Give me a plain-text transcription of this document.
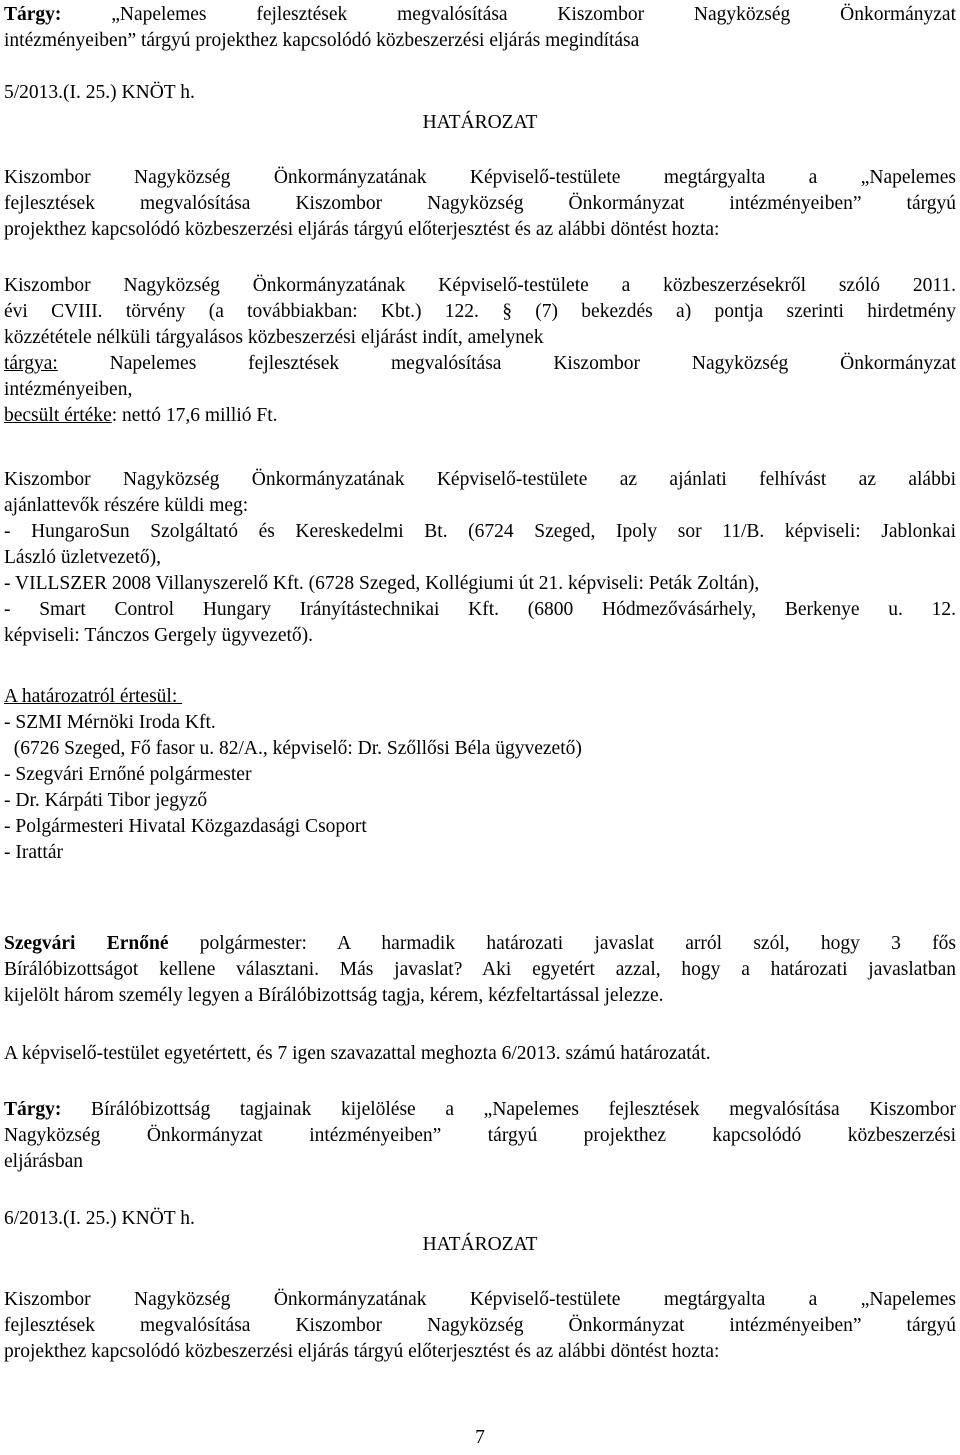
Tárgy:	„Napelemes fejlesztések megvalósítása Kiszombor Nagyközség Önkormányzat
intézményeiben” tárgyú projekthez kapcsolódó közbeszerzési eljárás megindítása
5/2013.(I. 25.) KNÖT h.
HATÁROZAT
Kiszombor Nagyközség Önkormányzatának Képviselő-testülete megtárgyalta a „Napelemes
fejlesztések megvalósítása Kiszombor Nagyközség Önkormányzat intézményeiben” tárgyú
projekthez kapcsolódó közbeszerzési eljárás tárgyú előterjesztést és az alábbi döntést hozta:
Kiszombor Nagyközség Önkormányzatának Képviselő-testülete a közbeszerzésekről szóló 2011.
évi CVIII. törvény (a továbbiakban: Kbt.) 122. § (7) bekezdés a) pontja szerinti hirdetmény
közzététele nélküli tárgyalásos közbeszerzési eljárást indít, amelynek
tárgya: Napelemes fejlesztések megvalósítása Kiszombor Nagyközség Önkormányzat
intézményeiben,
becsült értéke: nettó 17,6 millió Ft.
Kiszombor Nagyközség Önkormányzatának Képviselő-testülete az ajánlati felhívást az alábbi
ajánlattevők részére küldi meg:
- HungaroSun Szolgáltató és Kereskedelmi Bt. (6724 Szeged, Ipoly sor 11/B. képviseli: Jablonkai
László üzletvezető),
- VILLSZER 2008 Villanyszerelő Kft. (6728 Szeged, Kollégiumi út 21. képviseli: Peták Zoltán),
- Smart Control Hungary Irányítástechnikai Kft. (6800 Hódmezővásárhely, Berkenye u. 12.
képviseli: Tánczos Gergely ügyvezető).
A határozatról értesül:
- SZMI Mérnöki Iroda Kft.
(6726 Szeged, Fő fasor u. 82/A., képviselő: Dr. Szőllősi Béla ügyvezető)
- Szegvári Ernőné polgármester
- Dr. Kárpáti Tibor jegyző
- Polgármesteri Hivatal Közgazdasági Csoport
- Irattár
Szegvári Ernőné polgármester: A harmadik határozati javaslat arról szól, hogy 3 fős
Bírálóbizottságot kellene választani. Más javaslat? Aki egyetért azzal, hogy a határozati javaslatban
kijelölt három személy legyen a Bírálóbizottság tagja, kérem, kézfeltartással jelezze.
A képviselő-testület egyetértett, és 7 igen szavazattal meghozta 6/2013. számú határozatát.
Tárgy: Bírálóbizottság tagjainak kijelölése a „Napelemes fejlesztések megvalósítása Kiszombor
Nagyközség Önkormányzat intézményeiben” tárgyú projekthez kapcsolódó közbeszerzési
eljárásban
6/2013.(I. 25.) KNÖT h.
HATÁROZAT
Kiszombor Nagyközség Önkormányzatának Képviselő-testülete megtárgyalta a „Napelemes
fejlesztések megvalósítása Kiszombor Nagyközség Önkormányzat intézményeiben” tárgyú
projekthez kapcsolódó közbeszerzési eljárás tárgyú előterjesztést és az alábbi döntést hozta:
7
